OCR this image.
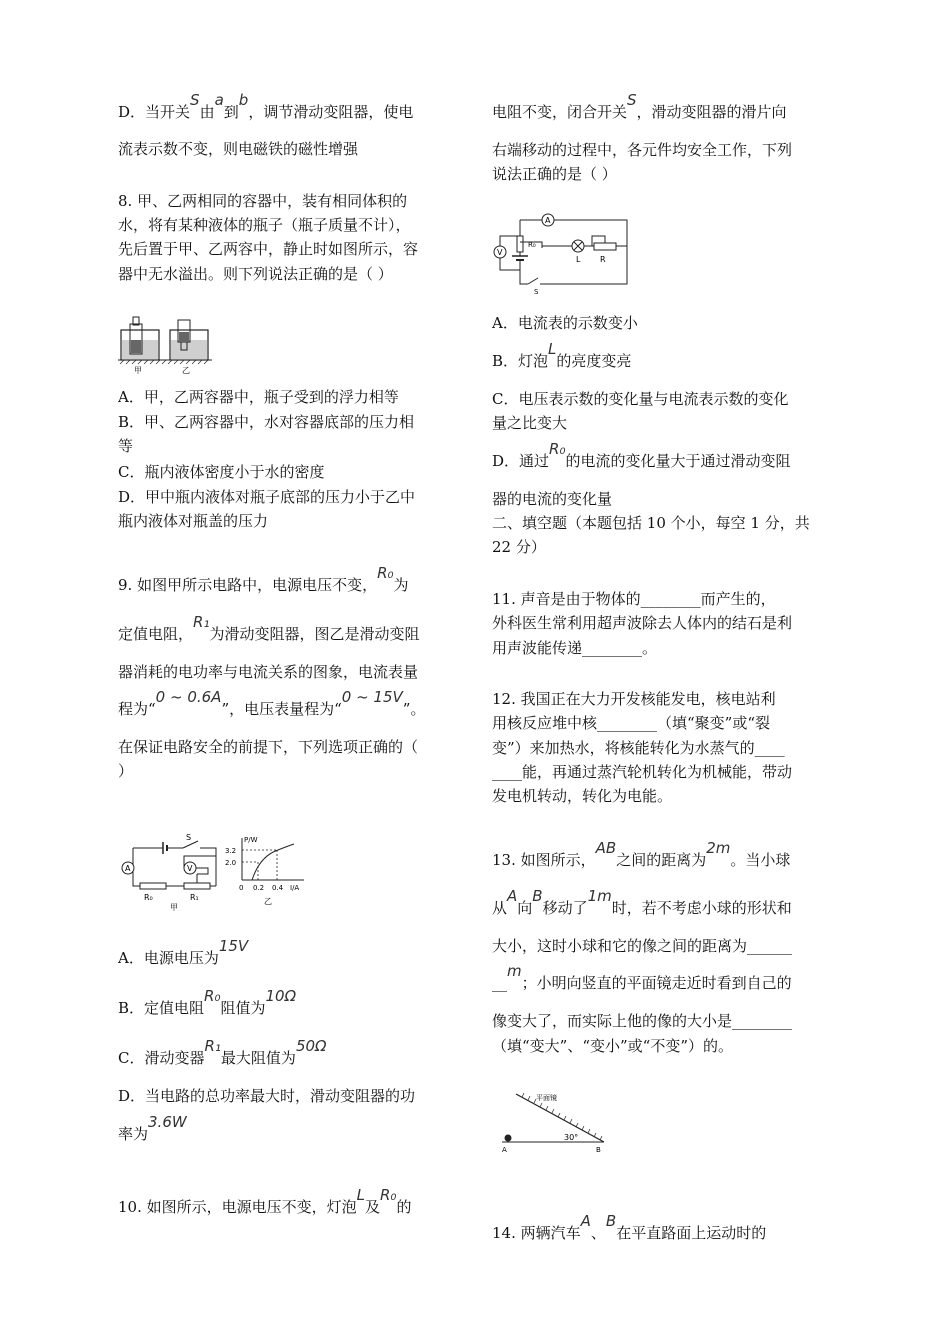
D．当开关S由a到b，调节滑动变阻器，使电
流表示数不变，则电磁铁的磁性增强
8. 甲、乙两相同的容器中，装有相同体积的
水，将有某种液体的瓶子（瓶子质量不计），
先后置于甲、乙两容中，静止时如图所示，容
器中无水溢出。则下列说法正确的是（ ）
甲	乙
A．甲，乙两容器中，瓶子受到的浮力相等
B．甲、乙两容器中，水对容器底部的压力相
等
C．瓶内液体密度小于水的密度
D．甲中瓶内液体对瓶子底部的压力小于乙中
瓶内液体对瓶盖的压力
9. 如图甲所示电路中，电源电压不变，R₀为
定值电阻，R₁为滑动变阻器，图乙是滑动变阻
器消耗的电功率与电流关系的图象，电流表量
程为“0 ~ 0.6A”，电压表量程为“0 ~ 15V”。
在保证电路安全的前提下，下列选项正确的（
）
S
A	V
R₀	R₁
甲
P/W
3.2
2.0
0 0.2 0.4 I/A
乙
A．电源电压为15V
B．定值电阻R₀阻值为10Ω
C．滑动变器R₁最大阻值为50Ω
D．当电路的总功率最大时，滑动变阻器的功
率为3.6W
10. 如图所示，电源电压不变，灯泡L及R₀的
电阻不变，闭合开关S，滑动变阻器的滑片向
右端移动的过程中，各元件均安全工作，下列
说法正确的是（ ）
A
R₀
S
V
L R
A．电流表的示数变小
B．灯泡L的亮度变亮
C．电压表示数的变化量与电流表示数的变化
量之比变大
D．通过R₀的电流的变化量大于通过滑动变阻
器的电流的变化量
二、填空题（本题包括 10 个小，每空 1 分，共
22 分）
11. 声音是由于物体的________而产生的，
外科医生常利用超声波除去人体内的结石是利
用声波能传递________。
12. 我国正在大力开发核能发电，核电站利
用核反应堆中核________（填“聚变”或“裂
变”）来加热水，将核能转化为水蒸气的____
____能，再通过蒸汽轮机转化为机械能，带动
发电机转动，转化为电能。
13. 如图所示，AB之间的距离为2m。当小球
从A向B移动了1m时，若不考虑小球的形状和
大小，这时小球和它的像之间的距离为______
__m；小明向竖直的平面镜走近时看到自己的
像变大了，而实际上他的像的大小是________
（填“变大”、“变小”或“不变”）的。
平面镜
A	B
30°
14. 两辆汽车A、B在平直路面上运动时的
